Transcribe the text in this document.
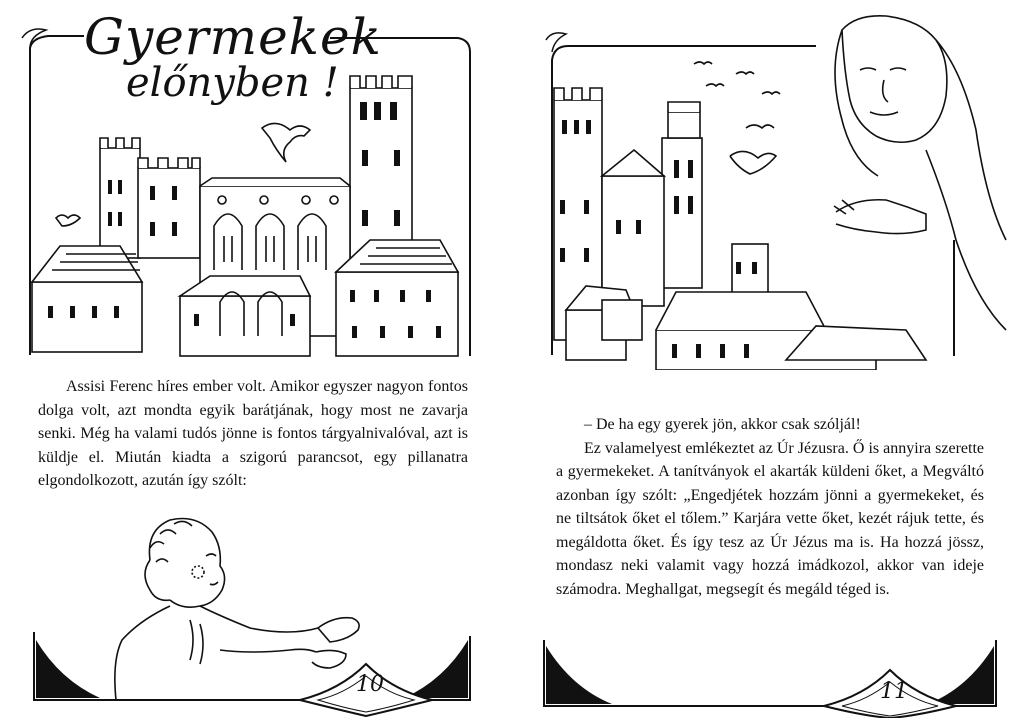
Gyermekek
előnyben !

Assisi Ferenc híres ember volt. Amikor egyszer nagyon fontos dolga volt, azt mondta egyik barátjának, hogy most ne zavarja senki. Még ha valami tudós jönne is fontos tárgyalnivalóval, azt is küldje el. Miután kiadta a szigorú parancsot, egy pillanatra elgondolkozott, azután így szólt:

10

– De ha egy gyerek jön, akkor csak szóljál!

Ez valamelyest emlékeztet az Úr Jézusra. Ő is annyira szerette a gyermekeket. A tanítványok el akarták küldeni őket, a Megváltó azonban így szólt: „Engedjétek hozzám jönni a gyermekeket, és ne tiltsátok őket el tőlem.” Karjára vette őket, kezét rájuk tette, és megáldotta őket. És így tesz az Úr Jézus ma is. Ha hozzá jössz, mondasz neki valamit vagy hozzá imádkozol, akkor van ideje számodra. Meghallgat, megsegít és megáld téged is.

11
